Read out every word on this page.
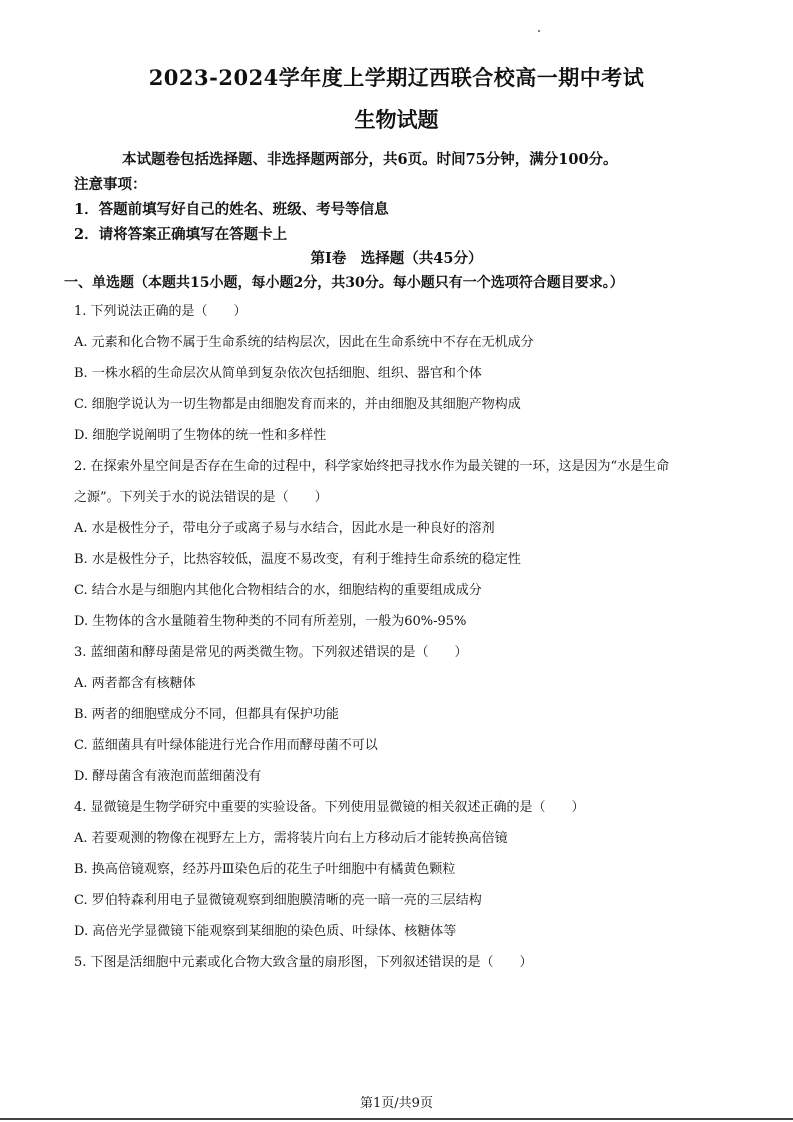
2023-2024学年度上学期辽西联合校高一期中考试
生物试题
本试题卷包括选择题、非选择题两部分，共6页。时间75分钟，满分100分。
注意事项：
1．答题前填写好自己的姓名、班级、考号等信息
2．请将答案正确填写在答题卡上
第I卷　选择题（共45分）
一、单选题（本题共15小题，每小题2分，共30分。每小题只有一个选项符合题目要求。）
1. 下列说法正确的是（　　）
A. 元素和化合物不属于生命系统的结构层次，因此在生命系统中不存在无机成分
B. 一株水稻的生命层次从简单到复杂依次包括细胞、组织、器官和个体
C. 细胞学说认为一切生物都是由细胞发育而来的，并由细胞及其细胞产物构成
D. 细胞学说阐明了生物体的统一性和多样性
2. 在探索外星空间是否存在生命的过程中，科学家始终把寻找水作为最关键的一环，这是因为“水是生命
之源”。下列关于水的说法错误的是（　　）
A. 水是极性分子，带电分子或离子易与水结合，因此水是一种良好的溶剂
B. 水是极性分子，比热容较低，温度不易改变，有利于维持生命系统的稳定性
C. 结合水是与细胞内其他化合物相结合的水，细胞结构的重要组成成分
D. 生物体的含水量随着生物种类的不同有所差别，一般为60%-95%
3. 蓝细菌和酵母菌是常见的两类微生物。下列叙述错误的是（　　）
A. 两者都含有核糖体
B. 两者的细胞壁成分不同，但都具有保护功能
C. 蓝细菌具有叶绿体能进行光合作用而酵母菌不可以
D. 酵母菌含有液泡而蓝细菌没有
4. 显微镜是生物学研究中重要的实验设备。下列使用显微镜的相关叙述正确的是（　　）
A. 若要观测的物像在视野左上方，需将装片向右上方移动后才能转换高倍镜
B. 换高倍镜观察，经苏丹Ⅲ染色后的花生子叶细胞中有橘黄色颗粒
C. 罗伯特森利用电子显微镜观察到细胞膜清晰的亮一暗一亮的三层结构
D. 高倍光学显微镜下能观察到某细胞的染色质、叶绿体、核糖体等
5. 下图是活细胞中元素或化合物大致含量的扇形图，下列叙述错误的是（　　）
第1页/共9页
